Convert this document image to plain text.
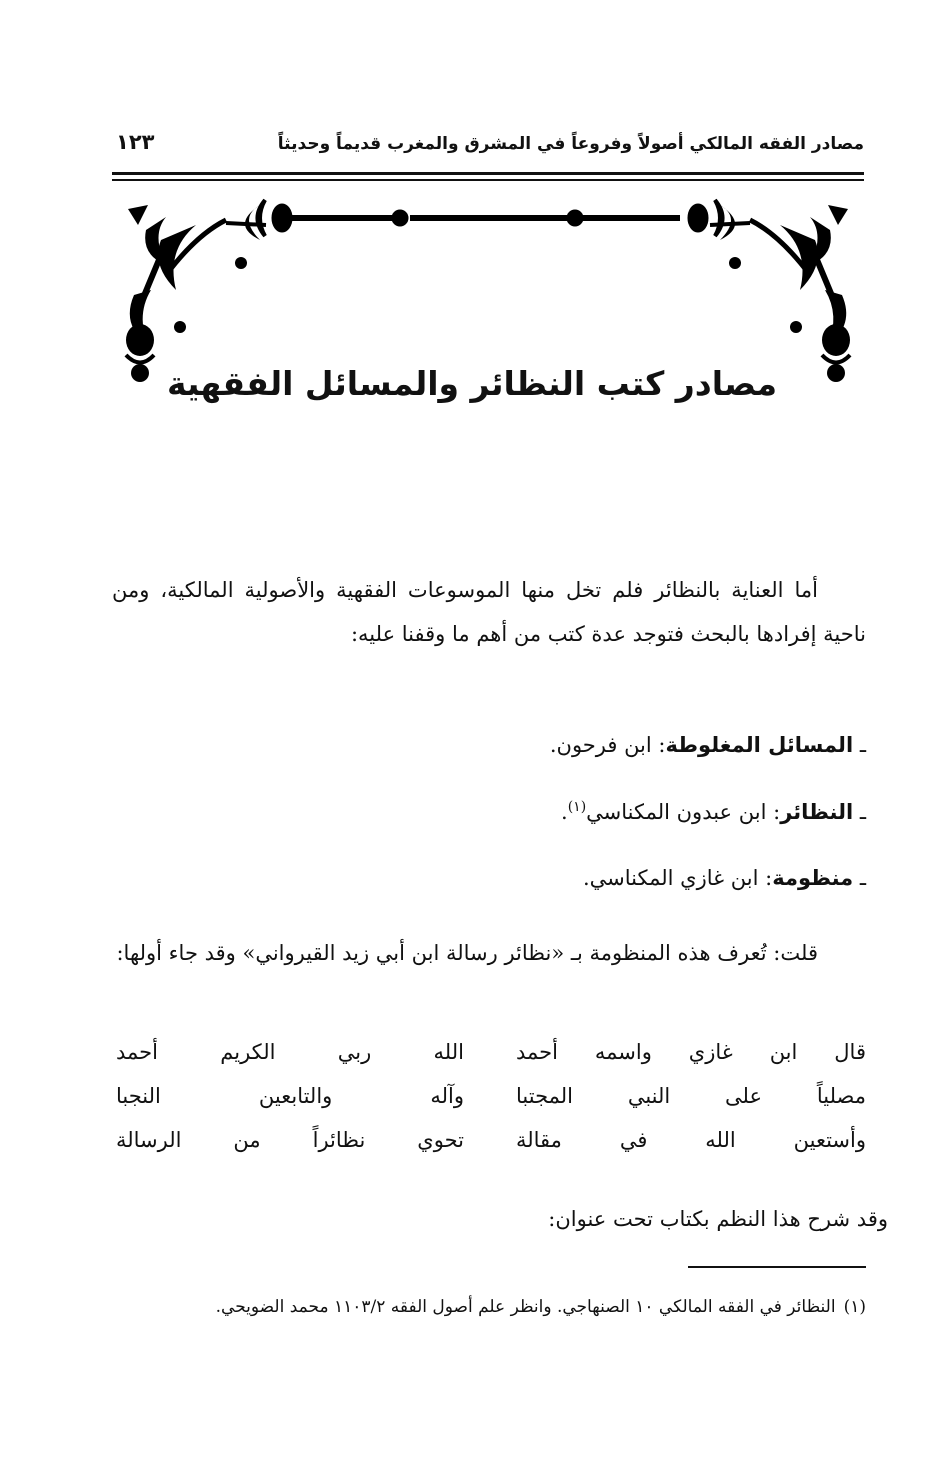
مصادر الفقه المالكي أصولاً وفروعاً في المشرق والمغرب قديماً وحديثاً
١٢٣
مصادر كتب النظائر والمسائل الفقهية

أما العناية بالنظائر فلم تخل منها الموسوعات الفقهية والأصولية المالكية، ومن ناحية إفرادها بالبحث فتوجد عدة كتب من أهم ما وقفنا عليه:

ـ المسائل المغلوطة: ابن فرحون.
ـ النظائر: ابن عبدون المكناسي$^{(١)}$.
ـ منظومة: ابن غازي المكناسي.

قلت: تُعرف هذه المنظومة بـ «نظائر رسالة ابن أبي زيد القيرواني» وقد جاء أولها:

قال ابن غازي واسمه أحمد
الله ربي الكريم أحمد
مصلياً على النبي المجتبا
وآله والتابعين النجبا
وأستعين الله في مقالة
تحوي نظائراً من الرسالة
وقد شرح هذا النظم بكتاب تحت عنوان:
(١)النظائر في الفقه المالكي ١٠ الصنهاجي. وانظر علم أصول الفقه ١١٠٣/٢ محمد الضويحي.
